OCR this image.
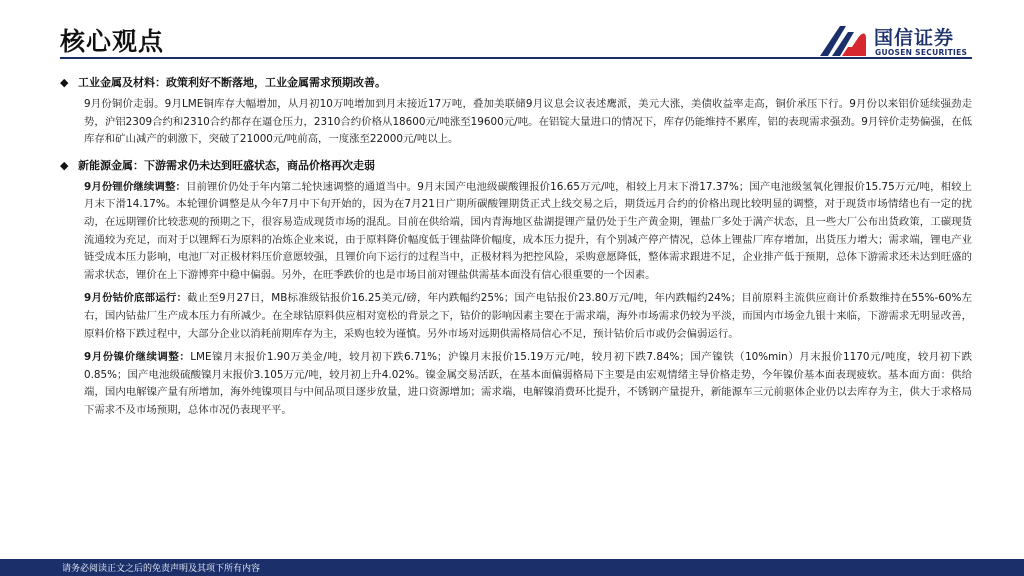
核心观点	国信证券
GUOSEN SECURITIES
◆ 工业金属及材料：政策利好不断落地，工业金属需求预期改善。

9月份铜价走弱。9月LME铜库存大幅增加，从月初10万吨增加到月末接近17万吨，叠加美联储9月议息会议表述鹰派，美元大涨，美债收益率走高，铜价承压下行。9月份以来铝价延续强劲走势，沪铝2309合约和2310合约都存在逼仓压力，2310合约价格从18600元/吨涨至19600元/吨。在铝锭大量进口的情况下，库存仍能维持不累库，铝的表现需求强劲。9月锌价走势偏强，在低库存和矿山减产的刺激下，突破了21000元/吨前高，一度涨至22000元/吨以上。

◆ 新能源金属：下游需求仍未达到旺盛状态，商品价格再次走弱

9月份锂价继续调整：目前锂价仍处于年内第二轮快速调整的通道当中。9月末国产电池级碳酸锂报价16.65万元/吨，相较上月末下滑17.37%；国产电池级氢氧化锂报价15.75万元/吨，相较上月末下滑14.17%。本轮锂价调整是从今年7月中下旬开始的，因为在7月21日广期所碳酸锂期货正式上线交易之后，期货远月合约的价格出现比较明显的调整，对于现货市场情绪也有一定的扰动，在远期锂价比较悲观的预期之下，很容易造成现货市场的混乱。目前在供给端，国内青海地区盐湖提锂产量仍处于生产黄金期，锂盐厂多处于满产状态，且一些大厂公布出货政策，工碳现货流通较为充足，而对于以锂辉石为原料的冶炼企业来说，由于原料降价幅度低于锂盐降价幅度，成本压力提升，有个别减产停产情况，总体上锂盐厂库存增加，出货压力增大；需求端，锂电产业链受成本压力影响，电池厂对正极材料压价意愿较强，且锂价向下运行的过程当中，正极材料为把控风险，采购意愿降低，整体需求跟进不足，企业排产低于预期，总体下游需求还未达到旺盛的需求状态，锂价在上下游博弈中稳中偏弱。另外，在旺季跌价的也是市场目前对锂盐供需基本面没有信心很重要的一个因素。

9月份钴价底部运行：截止至9月27日，MB标准级钴报价16.25美元/磅，年内跌幅约25%；国产电钴报价23.80万元/吨，年内跌幅约24%；目前原料主流供应商计价系数维持在55%-60%左右，国内钴盐厂生产成本压力有所减少。在全球钴原料供应相对宽松的背景之下，钴价的影响因素主要在于需求端，海外市场需求仍较为平淡，而国内市场金九银十来临，下游需求无明显改善，原料价格下跌过程中，大部分企业以消耗前期库存为主，采购也较为谨慎。另外市场对远期供需格局信心不足，预计钴价后市或仍会偏弱运行。

9月份镍价继续调整：LME镍月末报价1.90万美金/吨，较月初下跌6.71%；沪镍月末报价15.19万元/吨，较月初下跌7.84%；国产镍铁（10%min）月末报价1170元/吨度，较月初下跌0.85%；国产电池级硫酸镍月末报价3.105万元/吨，较月初上升4.02%。镍金属交易活跃，在基本面偏弱格局下主要是由宏观情绪主导价格走势，今年镍价基本面表现疲软。基本面方面：供给端，国内电解镍产量有所增加，海外纯镍项目与中间品项目逐步放量，进口资源增加；需求端，电解镍消费环比提升，不锈钢产量提升，新能源车三元前驱体企业仍以去库存为主，供大于求格局下需求不及市场预期，总体市况仍表现平平。

请务必阅读正文之后的免责声明及其项下所有内容
